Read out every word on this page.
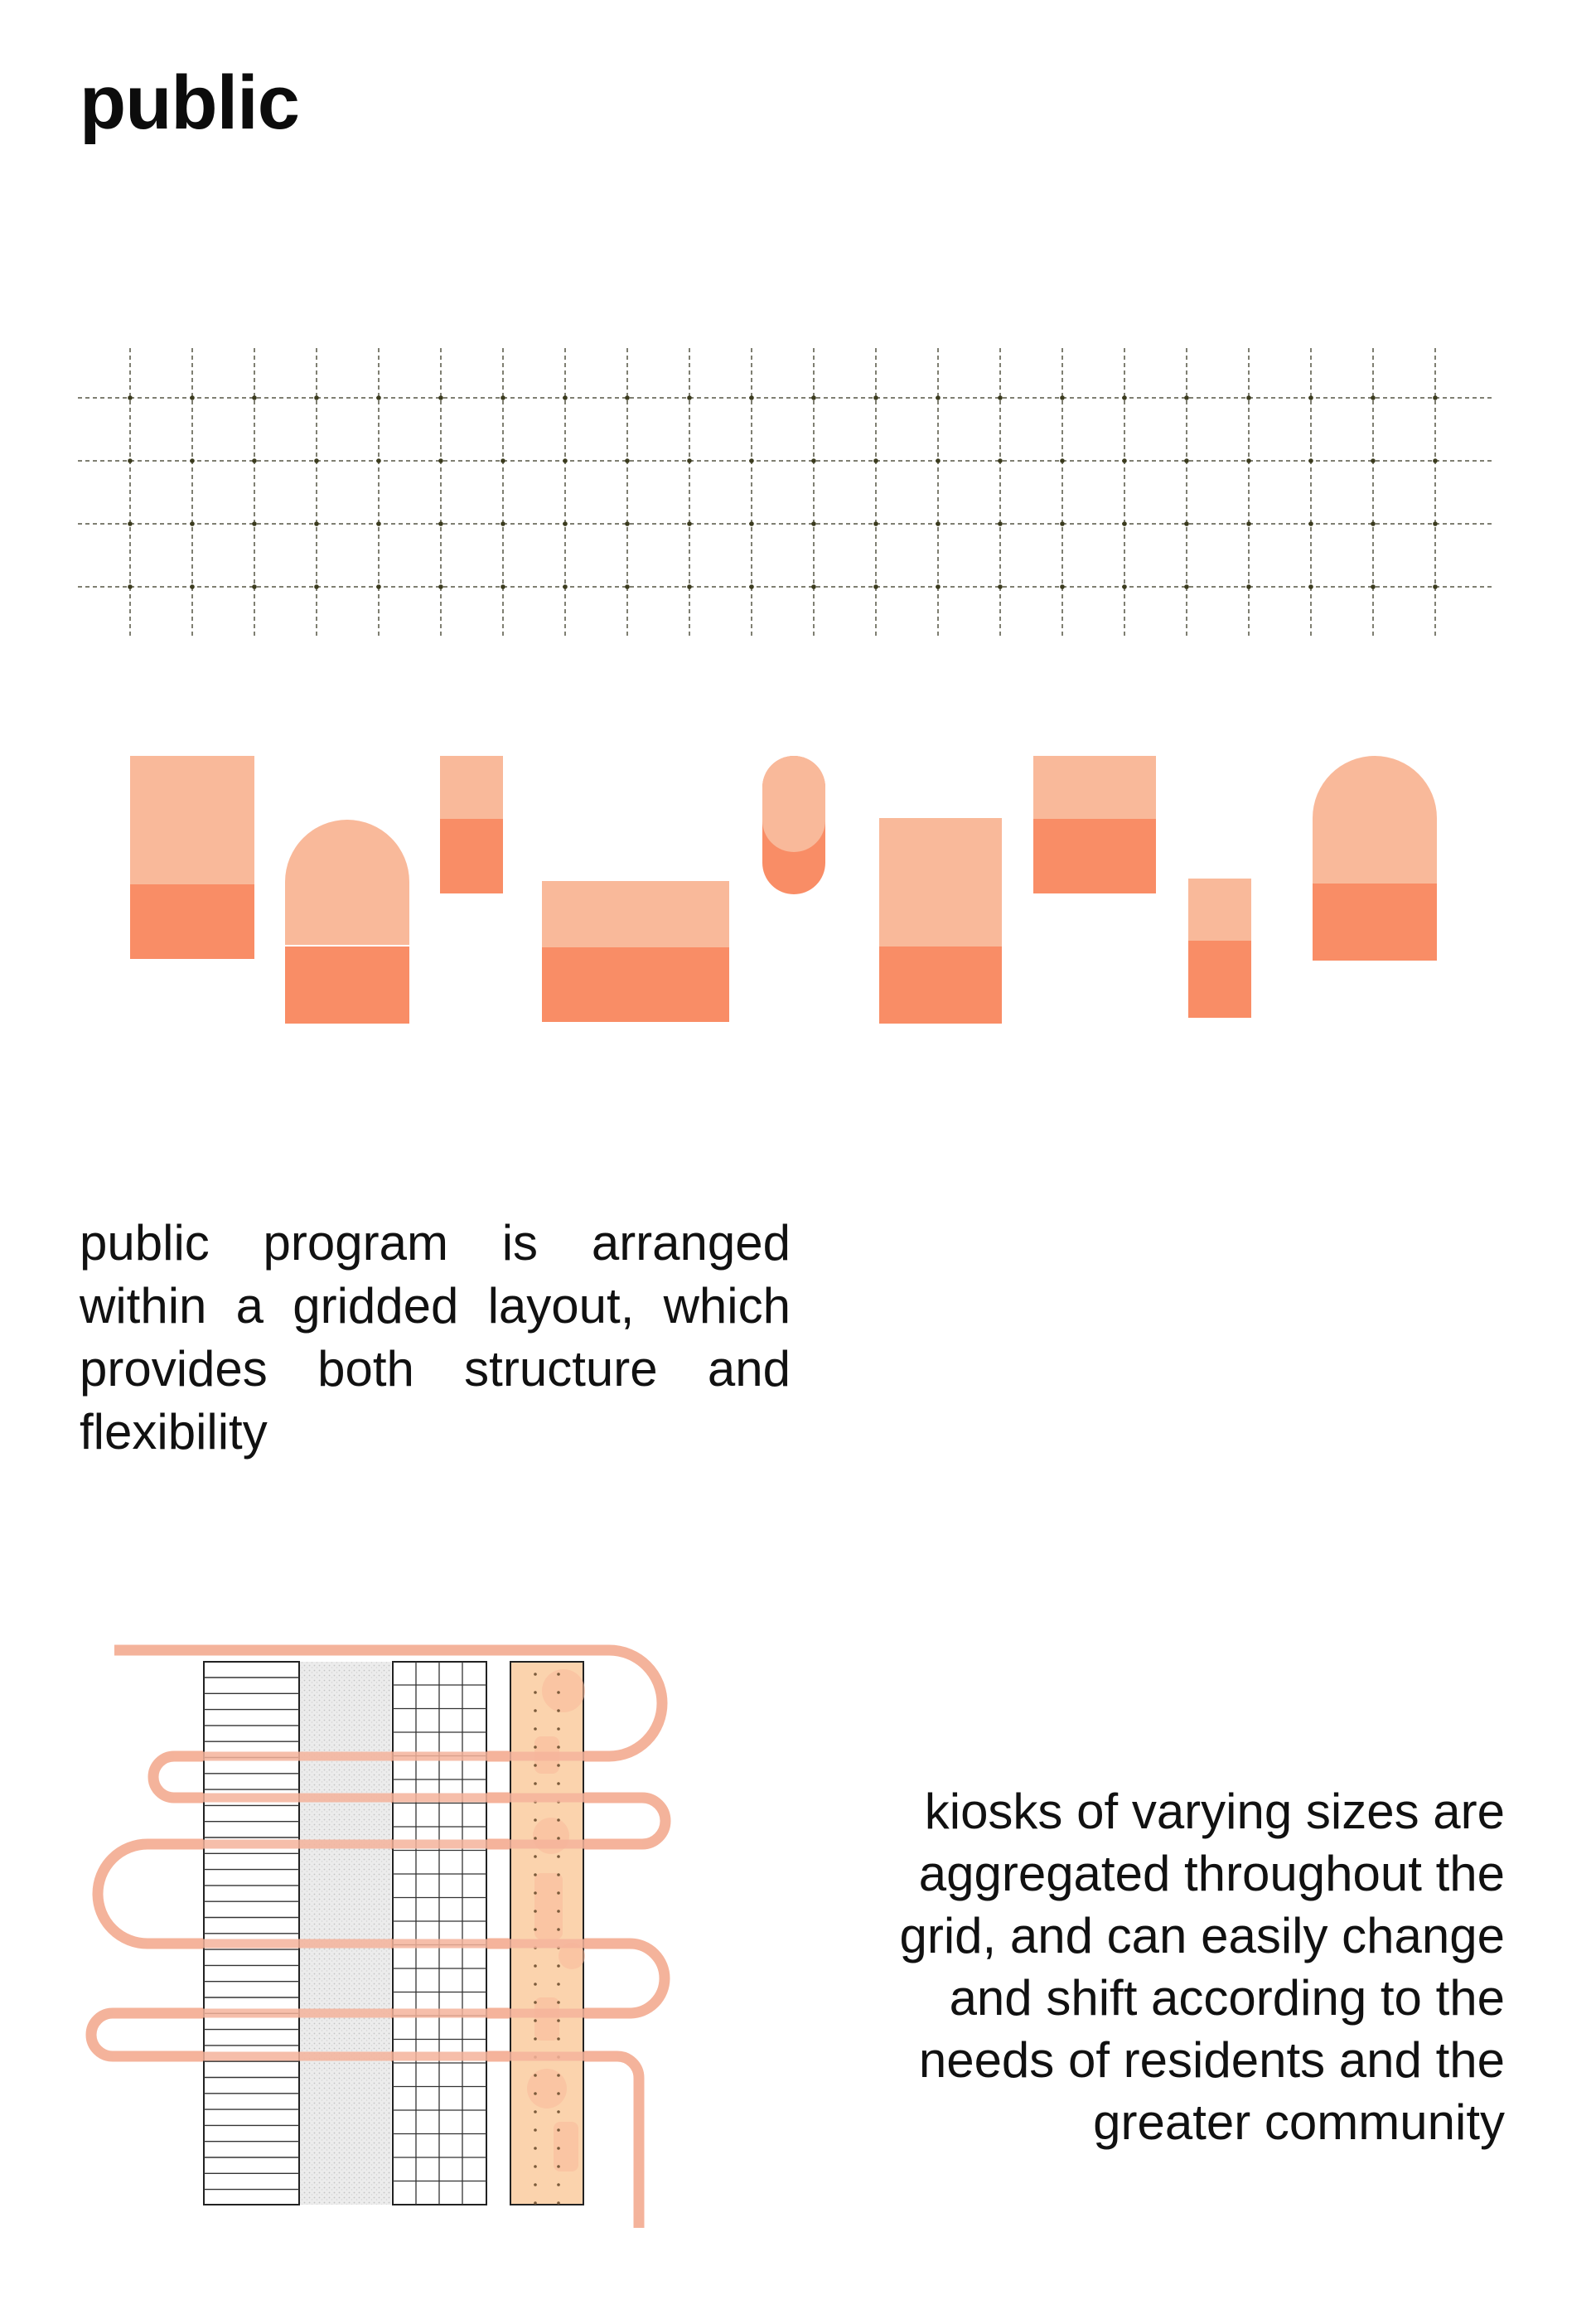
public

public program is arranged within a gridded layout, which provides both structure and flexibility

kiosks of varying sizes are aggregated throughout the grid, and can easily change and shift according to the needs of residents and the greater community
